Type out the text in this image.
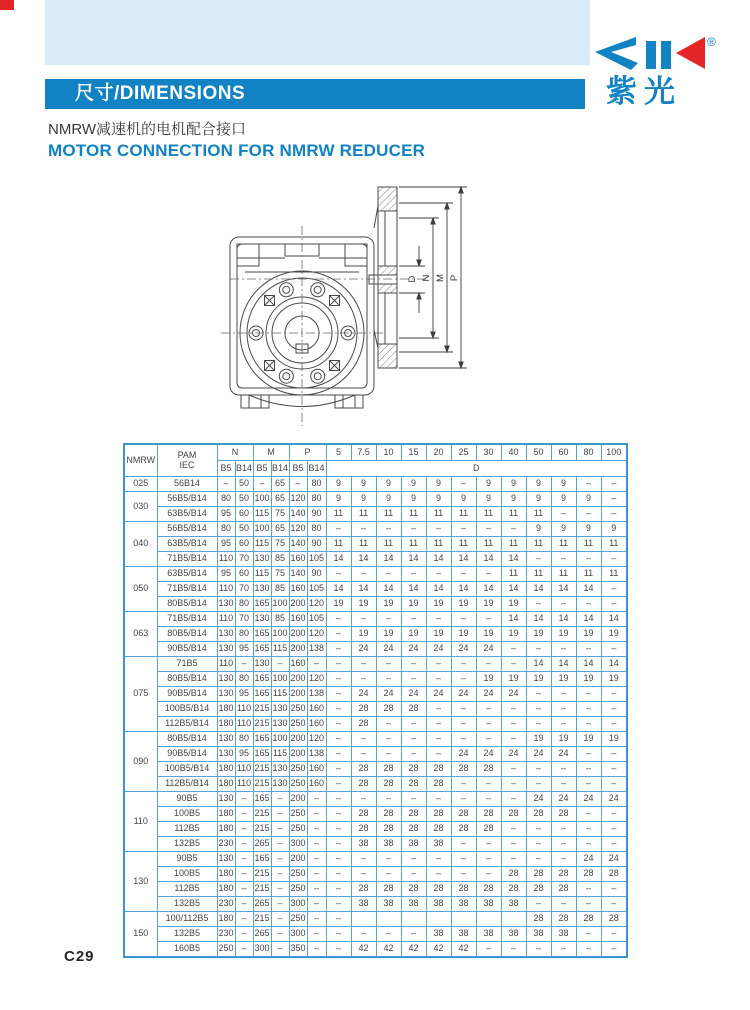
尺寸/DIMENSIONS
®
紫光
NMRW减速机的电机配合接口
MOTOR CONNECTION FOR NMRW REDUCER
D N M P
NMRW	PAM
IEC	N		M		P		5	7.5	10	15	20	25	30	40	50	60	80	100
		B5	B14	B5	B14	B5	B14	D											
025	56B14	–	50	–	65	–	80	9	9	9	9	9	–	9	9	9	9	–	–
030	56B5/B14	80	50	100	65	120	80	9	9	9	9	9	9	9	9	9	9	9	–
	63B5/B14	95	60	115	75	140	90	11	11	11	11	11	11	11	11	11	–	–	–
040	56B5/B14	80	50	100	65	120	80	–	–	–	–	–	–	–	–	9	9	9	9
	63B5/B14	95	60	115	75	140	90	11	11	11	11	11	11	11	11	11	11	11	11
	71B5/B14	110	70	130	85	160	105	14	14	14	14	14	14	14	14	–	–	–	–
050	63B5/B14	95	60	115	75	140	90	–	–	–	–	–	–	–	11	11	11	11	11
	71B5/B14	110	70	130	85	160	105	14	14	14	14	14	14	14	14	14	14	14	–
	80B5/B14	130	80	165	100	200	120	19	19	19	19	19	19	19	19	–	–	–	–
063	71B5/B14	110	70	130	85	160	105	–	–	–	–	–	–	–	14	14	14	14	14
	80B5/B14	130	80	165	100	200	120	–	19	19	19	19	19	19	19	19	19	19	19
	90B5/B14	130	95	165	115	200	138	–	24	24	24	24	24	24	–	–	–	–	–
075	71B5	110	–	130	–	160	–	–	–	–	–	–	–	–	–	14	14	14	14
	80B5/B14	130	80	165	100	200	120	–	–	–	–	–	–	19	19	19	19	19	19
	90B5/B14	130	95	165	115	200	138	–	24	24	24	24	24	24	24	–	–	–	–
	100B5/B14	180	110	215	130	250	160	–	28	28	28	–	–	–	–	–	–	–	–
	112B5/B14	180	110	215	130	250	160	–	28	–	–	–	–	–	–	–	–	–	–
090	80B5/B14	130	80	165	100	200	120	–	–	–	–	–	–	–	–	19	19	19	19
	90B5/B14	130	95	165	115	200	138	–	–	–	–	–	24	24	24	24	24	–	–
	100B5/B14	180	110	215	130	250	160	–	28	28	28	28	28	28	–	–	–	–	–
	112B5/B14	180	110	215	130	250	160	–	28	28	28	28	–	–	–	–	–	–	–
110	90B5	130	–	165	–	200	–	–	–	–	–	–	–	–	–	24	24	24	24
	100B5	180	–	215	–	250	–	–	28	28	28	28	28	28	28	28	28	–	–
	112B5	180	–	215	–	250	–	–	28	28	28	28	28	28	–	–	–	–	–
	132B5	230	–	265	–	300	–	–	38	38	38	38	–	–	–	–	–	–	–
130	90B5	130	–	165	–	200	–	–	–	–	–	–	–	–	–	–	–	24	24
	100B5	180	–	215	–	250	–	–	–	–	–	–	–	–	28	28	28	28	28
	112B5	180	–	215	–	250	–	–	28	28	28	28	28	28	28	28	28	–	–
	132B5	230	–	265	–	300	–	–	38	38	38	38	38	38	38	–	–	–	–
150	100/112B5	180	–	215	–	250	–	–								28	28	28	28
	132B5	230	–	265	–	300	–	–	–	–	–	38	38	38	38	38	38	–	–
	160B5	250	–	300	–	350	–	–	42	42	42	42	42	–	–	–	–	–	–
C29
